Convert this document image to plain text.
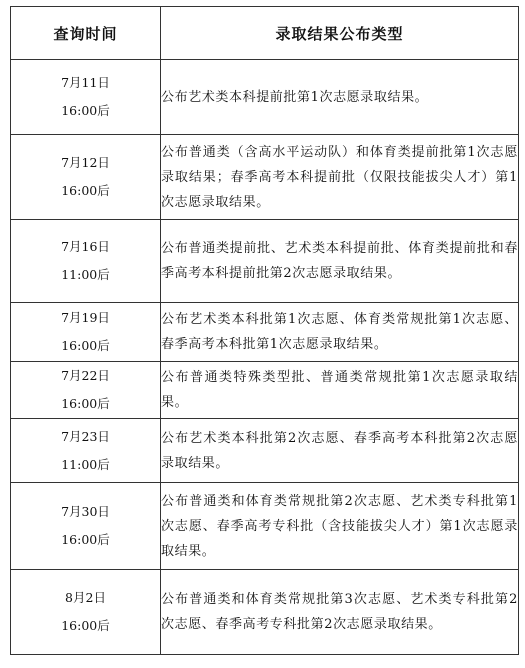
查询时间	录取结果公布类型

7月11日
16:00后	公布艺术类本科提前批第1次志愿录取结果。

7月12日
16:00后	公布普通类（含高水平运动队）和体育类提前批第1次志愿录取结果；春季高考本科提前批（仅限技能拔尖人才）第1次志愿录取结果。

7月16日
11:00后	公布普通类提前批、艺术类本科提前批、体育类提前批和春季高考本科提前批第2次志愿录取结果。

7月19日
16:00后	公布艺术类本科批第1次志愿、体育类常规批第1次志愿、春季高考本科批第1次志愿录取结果。

7月22日
16:00后	公布普通类特殊类型批、普通类常规批第1次志愿录取结果。

7月23日
11:00后	公布艺术类本科批第2次志愿、春季高考本科批第2次志愿录取结果。

7月30日
16:00后	公布普通类和体育类常规批第2次志愿、艺术类专科批第1次志愿、春季高考专科批（含技能拔尖人才）第1次志愿录取结果。

8月2日
16:00后	公布普通类和体育类常规批第3次志愿、艺术类专科批第2次志愿、春季高考专科批第2次志愿录取结果。
